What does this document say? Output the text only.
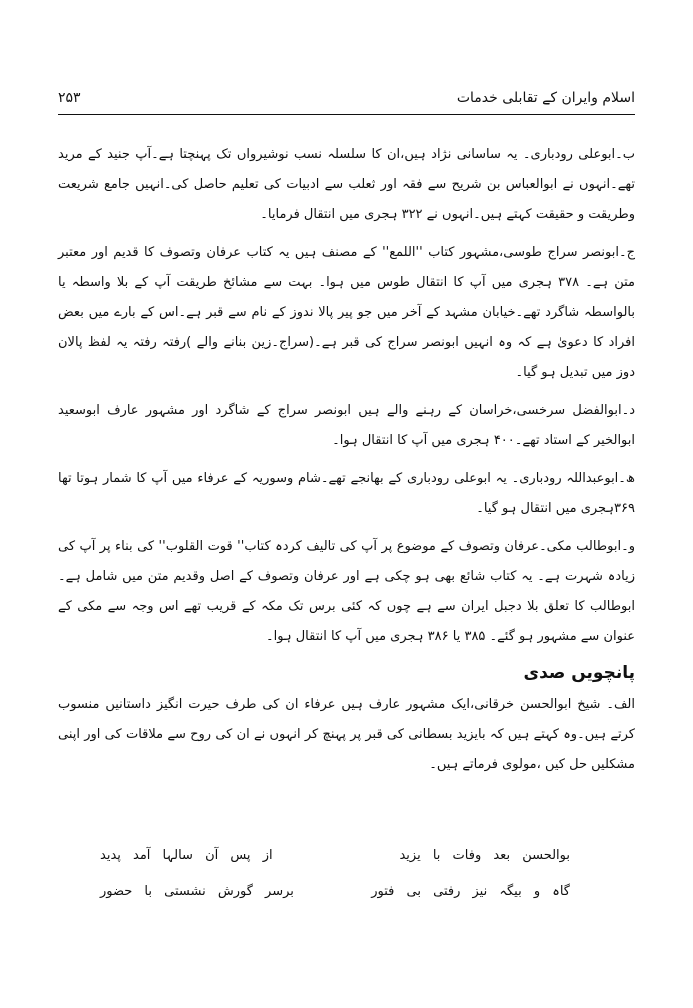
اسلام وایران کے تقابلی خدمات
۲۵۳

ب۔ابوعلی رودباری۔ یہ ساسانی نژاد ہیں،ان کا سلسلہ نسب نوشیرواں تک پہنچتا ہے۔آپ جنید کے مرید تھے۔انہوں نے ابوالعباس بن شریح سے فقہ اور ثعلب سے ادبیات کی تعلیم حاصل کی۔انہیں جامع شریعت وطریقت و حقیقت کہتے ہیں۔انہوں نے ۳۲۲ ہجری میں انتقال فرمایا۔

ج۔ابونصر سراج طوسی،مشہور کتاب ''اللمع'' کے مصنف ہیں یہ کتاب عرفان وتصوف کا قدیم اور معتبر متن ہے۔ ۳۷۸ ہجری میں آپ کا انتقال طوس میں ہوا۔ بہت سے مشائخ طریقت آپ کے بلا واسطہ یا بالواسطہ شاگرد تھے۔خیابان مشہد کے آخر میں جو پیر پالا ندوز کے نام سے قبر ہے۔اس کے بارے میں بعض افراد کا دعویٰ ہے کہ وہ انہیں ابونصر سراج کی قبر ہے۔(سراج۔زین بنانے والے )رفتہ رفتہ یہ لفظ پالان دوز میں تبدیل ہو گیا۔

د۔ابوالفضل سرخسی،خراسان کے رہنے والے ہیں ابونصر سراج کے شاگرد اور مشہور عارف ابوسعید ابوالخیر کے استاد تھے۔۴۰۰ ہجری میں آپ کا انتقال ہوا۔

ھ۔ابوعبداللہ رودباری۔ یہ ابوعلی رودباری کے بھانجے تھے۔شام وسوریہ کے عرفاء میں آپ کا شمار ہوتا تھا ۳۶۹ہجری میں انتقال ہو گیا۔

و۔ابوطالب مکی۔عرفان وتصوف کے موضوع پر آپ کی تالیف کردہ کتاب'' قوت القلوب'' کی بناء پر آپ کی زیادہ شہرت ہے۔ یہ کتاب شائع بھی ہو چکی ہے اور عرفان وتصوف کے اصل وقدیم متن میں شامل ہے۔ابوطالب کا تعلق بلا دجبل ایران سے ہے چوں کہ کئی برس تک مکہ کے قریب تھے اس وجہ سے مکی کے عنوان سے مشہور ہو گئے۔ ۳۸۵ یا ۳۸۶ ہجری میں آپ کا انتقال ہوا۔

پانچویں صدی

الف۔ شیخ ابوالحسن خرقانی،ایک مشہور عارف ہیں عرفاء ان کی طرف حیرت انگیز داستانیں منسوب کرتے ہیں۔وہ کہتے ہیں کہ بایزید بسطانی کی قبر پر پہنچ کر انہوں نے ان کی روح سے ملاقات کی اور اپنی مشکلیں حل کیں ،مولوی فرماتے ہیں۔

بوالحسن بعد وفات با یزید
از پس آن سالہا آمد پدید
گاہ و بیگہ نیز رفتی بی فتور
برسر گورش نشستی با حضور
